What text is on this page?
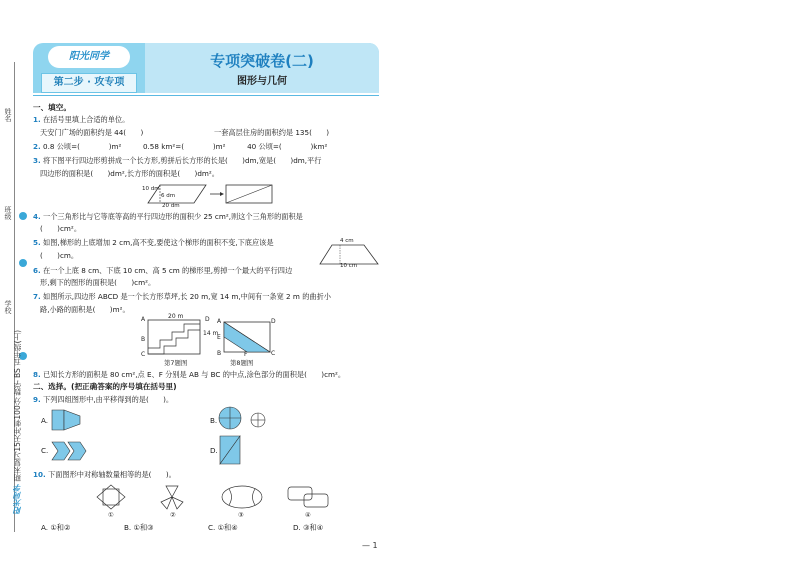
姓名
班级
学校
阳光同学 期末复习15天冲刺100分 数学 BS 五年级(上)
阳光同学
第二步 · 攻专项
专项突破卷(二)
图形与几何
一、填空。
1. 在括号里填上合适的单位。
天安门广场的面积约是 44(　　)	一套高层住房的面积约是 135(　　)
2. 0.8 公顷=(　　　　)m²　　　0.58 km²=(　　　　)m²　　　40 公顷=(　　　　)km²
3. 将下图平行四边形剪拼成一个长方形,剪拼后长方形的长是(　　)dm,宽是(　　)dm,平行
四边形的面积是(　　)dm²,长方形的面积是(　　)dm²。
10 dm
6 dm
20 dm
4. 一个三角形比与它等底等高的平行四边形的面积少 25 cm²,则这个三角形的面积是
(　　)cm²。
5. 如图,梯形的上底增加 2 cm,高不变,要使这个梯形的面积不变,下底应该是
(　　)cm。
4 cm
10 cm
6. 在一个上底 8 cm、下底 10 cm、高 5 cm 的梯形里,剪掉一个最大的平行四边
形,剩下的图形的面积是(　　)cm²。
7. 如图所示,四边形 ABCD 是一个长方形草坪,长 20 m,宽 14 m,中间有一条宽 2 m 的曲折小
路,小路的面积是(　　)m²。
20 m
14 m
A
B
C
D
第7题图
A	D
E
B	F	C
第8题图
8. 已知长方形的面积是 80 cm²,点 E、F 分别是 AB 与 BC 的中点,涂色部分的面积是(　　)cm²。
二、选择。(把正确答案的序号填在括号里)
9. 下列四组图形中,由平移得到的是(　　)。
A.	B.
C.	D.
10. 下面图形中对称轴数量相等的是(　　)。
①	②	③	④
A. ①和②	B. ①和③	C. ①和④	D. ③和④
— 1
